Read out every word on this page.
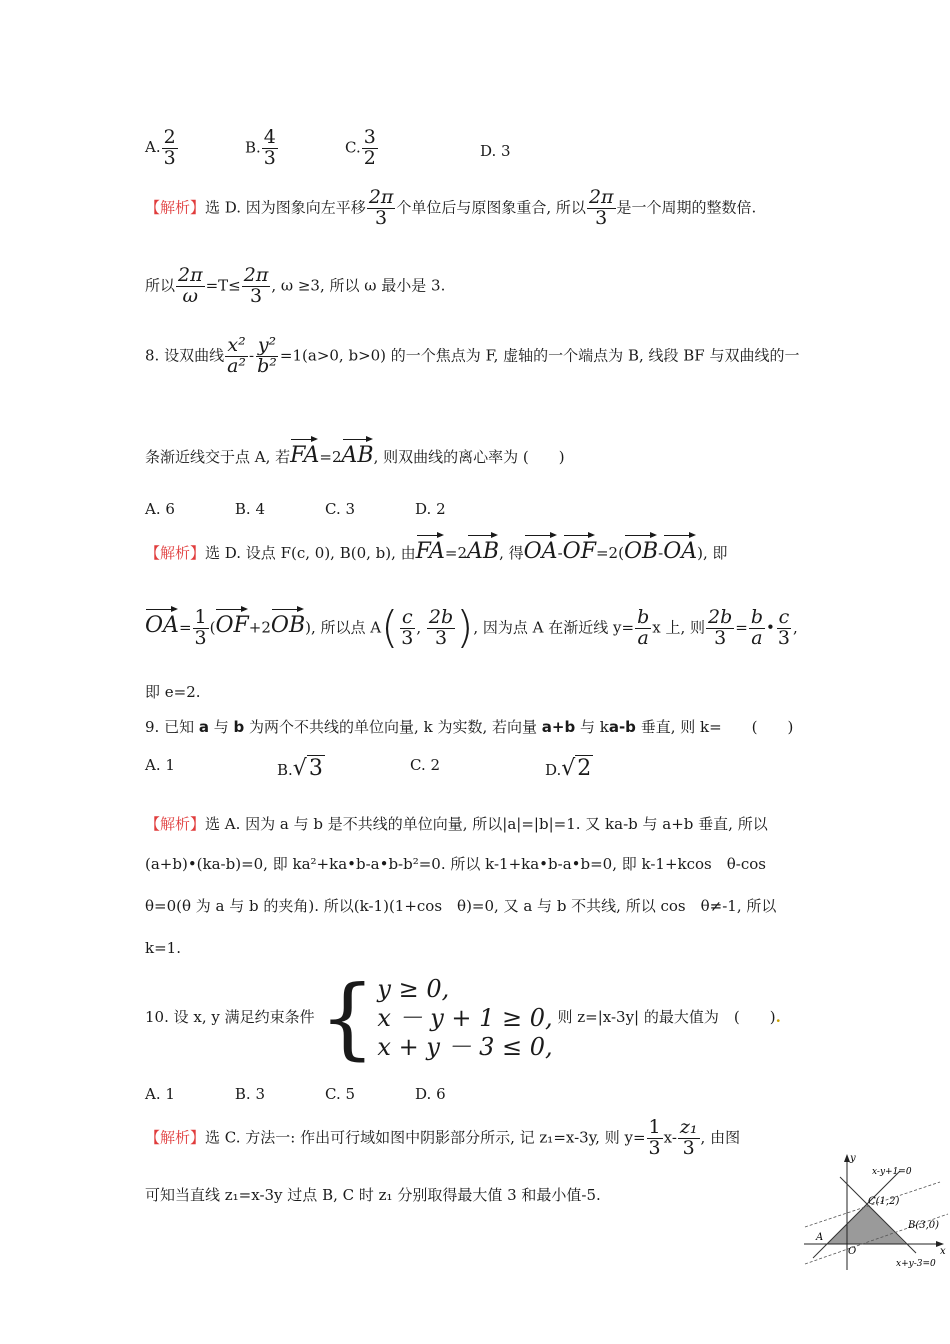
A. $\frac{2}{3}$	B. $\frac{4}{3}$	C. $\frac{3}{2}$	D. 3
【解析】选 D. 因为图象向左平移 $\frac{2\pi}{3}$ 个单位后与原图象重合, 所以 $\frac{2\pi}{3}$ 是一个周期的整数倍.
所以 $\frac{2\pi}{\omega} =T\le \frac{2\pi}{3}$ , ω ≥3, 所以 ω 最小是 3.
8. 设双曲线 $\frac{\text{x²}}{\text{a²}} - \frac{\text{y²}}{\text{b²}} =1(a>0$, b>0) 的一个焦点为 F, 虚轴的一个端点为 B, 线段 BF 与双曲线的一
条渐近线交于点 A, 若FA=2AB, 则双曲线的离心率为 (　　)
A. 6　　　　B. 4　　　　C. 3　　　　D. 2
【解析】选 D. 设点 F(c, 0), B(0, b), 由FA=2AB, 得OA-OF=2(OB-OA), 即
$OA= \frac{1}{3} (OF+2OB)$, 所以点 $A( \frac{c}{3}$ , $\frac{2b}{3}$ ), 因为点 A 在渐近线 $y= \frac{b}{a}$ x 上, 则 $\frac{2b}{3} = \frac{b}{a}$ • $\frac{c}{3}$ ,
即 e=2.
9. 已知 a 与 b 为两个不共线的单位向量, k 为实数, 若向量 a+b 与 ka-b 垂直, 则 k=　　(　　)
A. 1	B.√3	C. 2	D.√2
【解析】选 A. 因为 a 与 b 是不共线的单位向量, 所以|a|=|b|=1. 又 ka-b 与 a+b 垂直, 所以
(a+b)•(ka-b)=0, 即 ka²+ka•b-a•b-b²=0. 所以 k-1+ka•b-a•b=0, 即 k-1+kcos　θ-cos
θ=0(θ 为 a 与 b 的夹角). 所以(k-1)(1+cos　θ)=0, 又 a 与 b 不共线, 所以 cos　θ≠-1, 所以
k=1.
10. 设 x, y 满足约束条件 { y ≥ 0,
x － y + 1 ≥ 0,
x + y － 3 ≤ 0,
则 z=|x-3y| 的最大值为　(　　).
A. 1　　　　B. 3　　　　C. 5　　　　D. 6
【解析】选 C. 方法一: 作出可行域如图中阴影部分所示, 记 z₁=x-3y, 则 $y= \frac{1}{3} x- \frac{\text{z₁}}{3}$ , 由图
可知当直线 z₁=x-3y 过点 B, C 时 z₁ 分别取得最大值 3 和最小值-5.
y
x
O
A
C(1,2)
B(3,0)
x-y+1=0
x+y-3=0
